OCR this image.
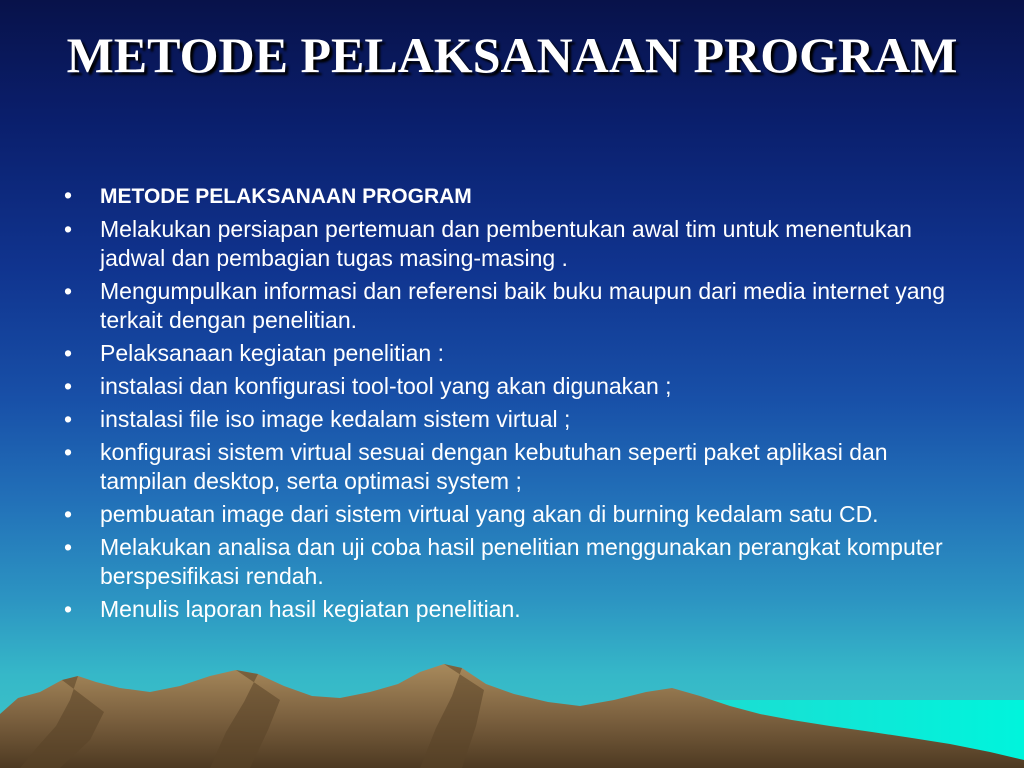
METODE PELAKSANAAN PROGRAM
•	METODE PELAKSANAAN PROGRAM
•	Melakukan persiapan pertemuan dan pembentukan awal tim untuk menentukan jadwal dan pembagian tugas masing-masing .
•	Mengumpulkan informasi dan referensi baik buku maupun dari media internet yang terkait dengan penelitian.
•	Pelaksanaan kegiatan penelitian :
•	instalasi dan konfigurasi tool-tool yang akan digunakan ;
•	instalasi file iso image kedalam sistem virtual ;
•	konfigurasi sistem virtual sesuai dengan kebutuhan seperti paket aplikasi dan tampilan desktop, serta optimasi system ;
•	pembuatan image dari sistem virtual yang akan di burning kedalam satu CD.
•	Melakukan analisa dan uji coba hasil penelitian menggunakan perangkat komputer berspesifikasi rendah.
•	Menulis laporan hasil kegiatan penelitian.
